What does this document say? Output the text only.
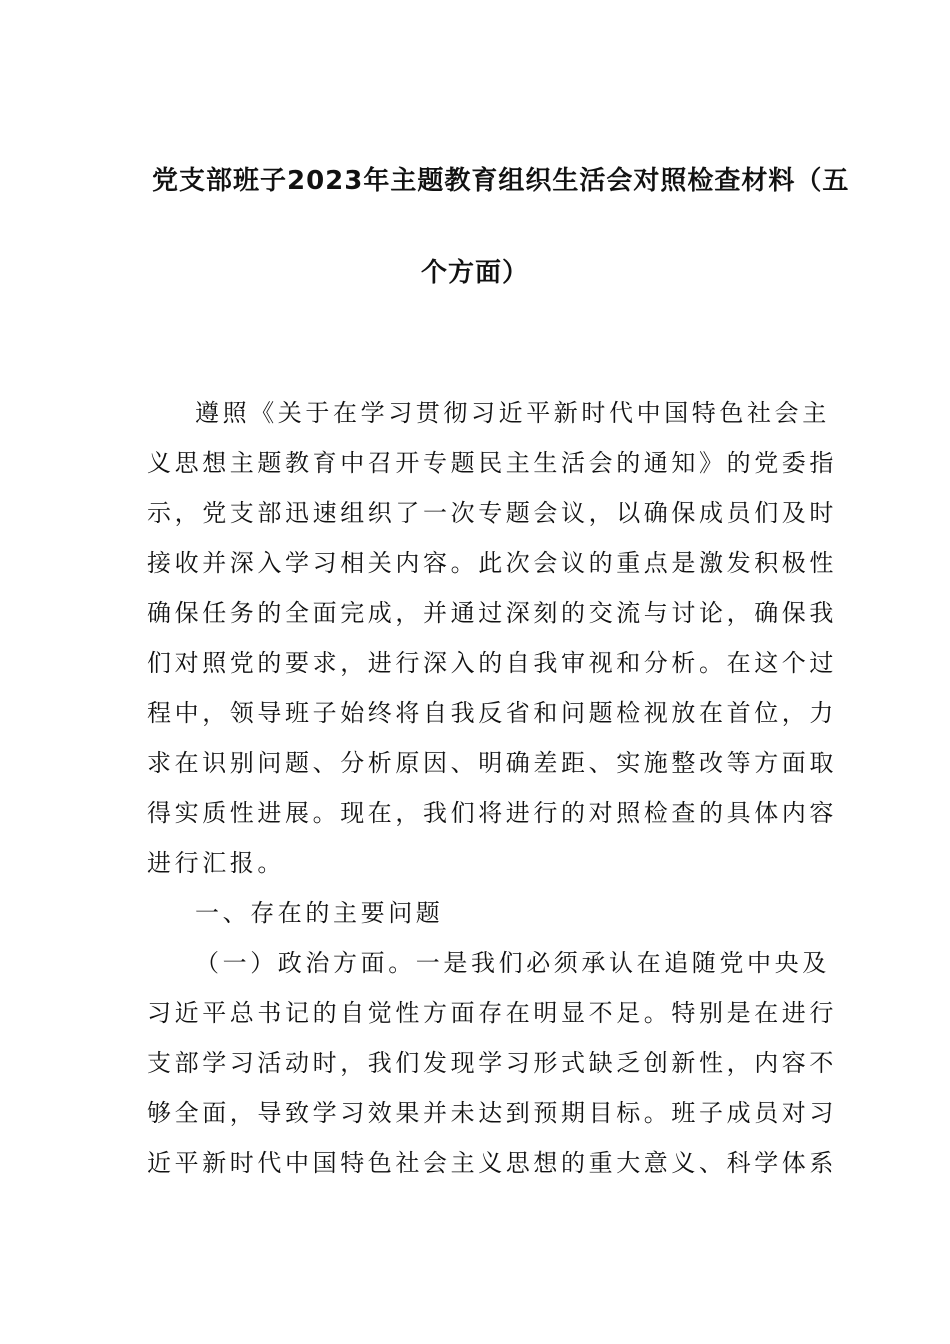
党支部班子2023年主题教育组织生活会对照检查材料（五
个方面）
遵照《关于在学习贯彻习近平新时代中国特色社会主
义思想主题教育中召开专题民主生活会的通知》的党委指
示，党支部迅速组织了一次专题会议，以确保成员们及时
接收并深入学习相关内容。此次会议的重点是激发积极性
确保任务的全面完成，并通过深刻的交流与讨论，确保我
们对照党的要求，进行深入的自我审视和分析。在这个过
程中，领导班子始终将自我反省和问题检视放在首位，力
求在识别问题、分析原因、明确差距、实施整改等方面取
得实质性进展。现在，我们将进行的对照检查的具体内容
进行汇报。
一、存在的主要问题
（一）政治方面。一是我们必须承认在追随党中央及
习近平总书记的自觉性方面存在明显不足。特别是在进行
支部学习活动时，我们发现学习形式缺乏创新性，内容不
够全面，导致学习效果并未达到预期目标。班子成员对习
近平新时代中国特色社会主义思想的重大意义、科学体系
